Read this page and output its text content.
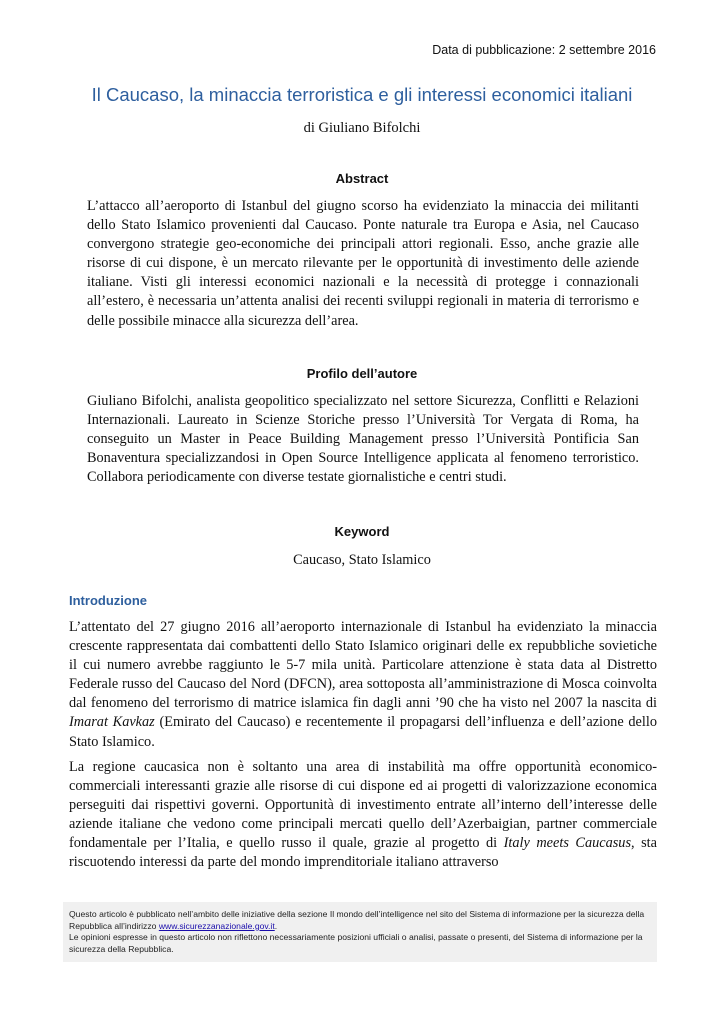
Data di pubblicazione: 2 settembre 2016
Il Caucaso, la minaccia terroristica e gli interessi economici italiani
di Giuliano Bifolchi
Abstract

L’attacco all’aeroporto di Istanbul del giugno scorso ha evidenziato la minaccia dei militanti dello Stato Islamico provenienti dal Caucaso. Ponte naturale tra Europa e Asia, nel Caucaso convergono strategie geo-economiche dei principali attori regionali. Esso, anche grazie alle risorse di cui dispone, è un mercato rilevante per le opportunità di investimento delle aziende italiane. Visti gli interessi economici nazionali e la necessità di protegge i connazionali all’estero, è necessaria un’attenta analisi dei recenti sviluppi regionali in materia di terrorismo e delle possibile minacce alla sicurezza dell’area.

Profilo dell’autore

Giuliano Bifolchi, analista geopolitico specializzato nel settore Sicurezza, Conflitti e Relazioni Internazionali. Laureato in Scienze Storiche presso l’Università Tor Vergata di Roma, ha conseguito un Master in Peace Building Management presso l’Università Pontificia San Bonaventura specializzandosi in Open Source Intelligence applicata al fenomeno terroristico. Collabora periodicamente con diverse testate giornalistiche e centri studi.

Keyword
Caucaso, Stato Islamico
Introduzione

L’attentato del 27 giugno 2016 all’aeroporto internazionale di Istanbul ha evidenziato la minaccia crescente rappresentata dai combattenti dello Stato Islamico originari delle ex repubbliche sovietiche il cui numero avrebbe raggiunto le 5-7 mila unità. Particolare attenzione è stata data al Distretto Federale russo del Caucaso del Nord (DFCN), area sottoposta all’amministrazione di Mosca coinvolta dal fenomeno del terrorismo di matrice islamica fin dagli anni ’90 che ha visto nel 2007 la nascita di Imarat Kavkaz (Emirato del Caucaso) e recentemente il propagarsi dell’influenza e dell’azione dello Stato Islamico.

La regione caucasica non è soltanto una area di instabilità ma offre opportunità economico-commerciali interessanti grazie alle risorse di cui dispone ed ai progetti di valorizzazione economica perseguiti dai rispettivi governi. Opportunità di investimento entrate all’interno dell’interesse delle aziende italiane che vedono come principali mercati quello dell’Azerbaigian, partner commerciale fondamentale per l’Italia, e quello russo il quale, grazie al progetto di Italy meets Caucasus, sta riscuotendo interessi da parte del mondo imprenditoriale italiano attraverso

Questo articolo è pubblicato nell’ambito delle iniziative della sezione Il mondo dell’intelligence nel sito del Sistema di informazione per la sicurezza della Repubblica all’indirizzo www.sicurezzanazionale.gov.it.
Le opinioni espresse in questo articolo non riflettono necessariamente posizioni ufficiali o analisi, passate o presenti, del Sistema di informazione per la sicurezza della Repubblica.
